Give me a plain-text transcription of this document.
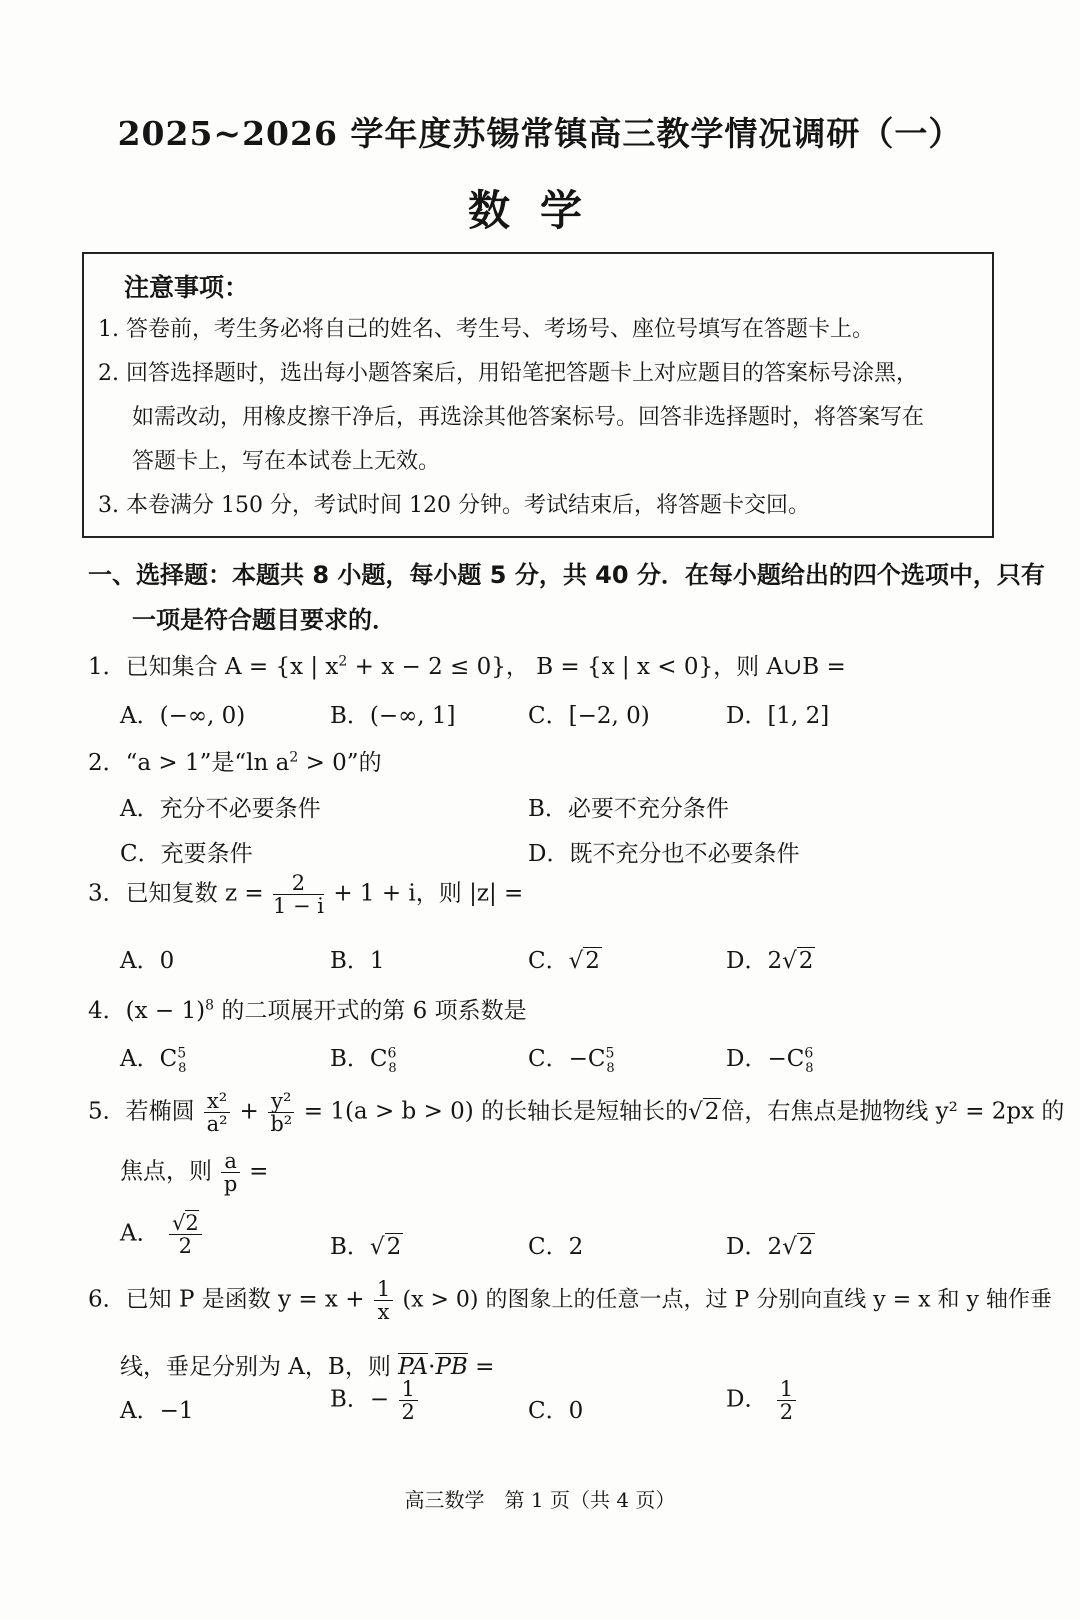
2025~2026 学年度苏锡常镇高三教学情况调研（一）
数学
注意事项：
1. 答卷前，考生务必将自己的姓名、考生号、考场号、座位号填写在答题卡上。
2. 回答选择题时，选出每小题答案后，用铅笔把答题卡上对应题目的答案标号涂黑，
如需改动，用橡皮擦干净后，再选涂其他答案标号。回答非选择题时，将答案写在
答题卡上，写在本试卷上无效。
3. 本卷满分 150 分，考试时间 120 分钟。考试结束后，将答题卡交回。
一、选择题：本题共 8 小题，每小题 5 分，共 40 分．在每小题给出的四个选项中，只有
一项是符合题目要求的．
1．已知集合 A = {x | $x^2 + x - 2 \le 0$}， B = {x | x < 0}，则 A∪B =
A．(−∞, 0)	B．(−∞, 1]	C．[−2, 0)	D．[1, 2]
2．“a > 1”是“ln $a^2 > 0$”的
A．充分不必要条件	B．必要不充分条件
C．充要条件	D．既不充分也不必要条件
3．已知复数 $z = \frac{2}{1 - i} + 1 + i$，则 |z| =
A．0	B．1	C．√2	D．2√2
4．$(x - 1)^8$ 的二项展开式的第 6 项系数是
A．$C^5_8$	B．$C^6_8$	C．$-C^5_8$	D．$-C^6_8$
5．若椭圆 $\frac{\text{x²}}{\text{a²}} + \frac{\text{y²}}{\text{b²}} = 1(a > b > 0)$ 的长轴长是短轴长的√2倍，右焦点是抛物线 y² = 2px 的
焦点，则 $\frac{a}{p}$ =
A． $\frac{√2}{2}$	B．√2	C．2	D．2√2
6．已知 P 是函数 $y = x + \frac{1}{x} (x > 0)$ 的图象上的任意一点，过 P 分别向直线 y = x 和 y 轴作垂
线，垂足分别为 A，B，则 PA·PB =
A．−1	B．− $\frac{1}{2}$	C．0	D． $\frac{1}{2}$
高三数学　第 1 页（共 4 页）
